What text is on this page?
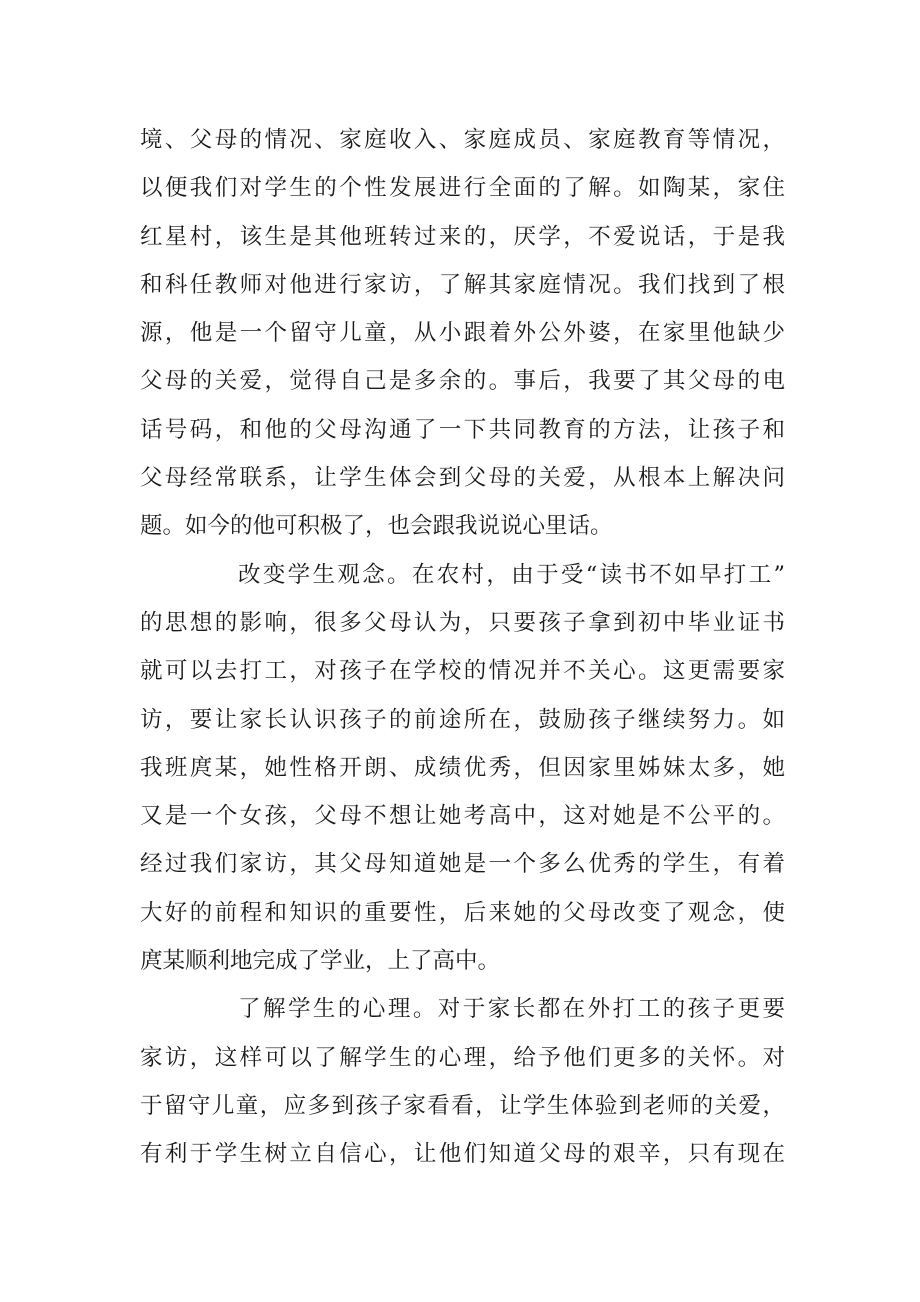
境、父母的情况、家庭收入、家庭成员、家庭教育等情况，
以便我们对学生的个性发展进行全面的了解。如陶某，家住
红星村，该生是其他班转过来的，厌学，不爱说话，于是我
和科任教师对他进行家访，了解其家庭情况。我们找到了根
源，他是一个留守儿童，从小跟着外公外婆，在家里他缺少
父母的关爱，觉得自己是多余的。事后，我要了其父母的电
话号码，和他的父母沟通了一下共同教育的方法，让孩子和
父母经常联系，让学生体会到父母的关爱，从根本上解决问
题。如今的他可积极了，也会跟我说说心里话。
改变学生观念。在农村，由于受“读书不如早打工”
的思想的影响，很多父母认为，只要孩子拿到初中毕业证书
就可以去打工，对孩子在学校的情况并不关心。这更需要家
访，要让家长认识孩子的前途所在，鼓励孩子继续努力。如
我班庹某，她性格开朗、成绩优秀，但因家里姊妹太多，她
又是一个女孩，父母不想让她考高中，这对她是不公平的。
经过我们家访，其父母知道她是一个多么优秀的学生，有着
大好的前程和知识的重要性，后来她的父母改变了观念，使
庹某顺利地完成了学业，上了高中。
了解学生的心理。对于家长都在外打工的孩子更要
家访，这样可以了解学生的心理，给予他们更多的关怀。对
于留守儿童，应多到孩子家看看，让学生体验到老师的关爱，
有利于学生树立自信心，让他们知道父母的艰辛，只有现在
